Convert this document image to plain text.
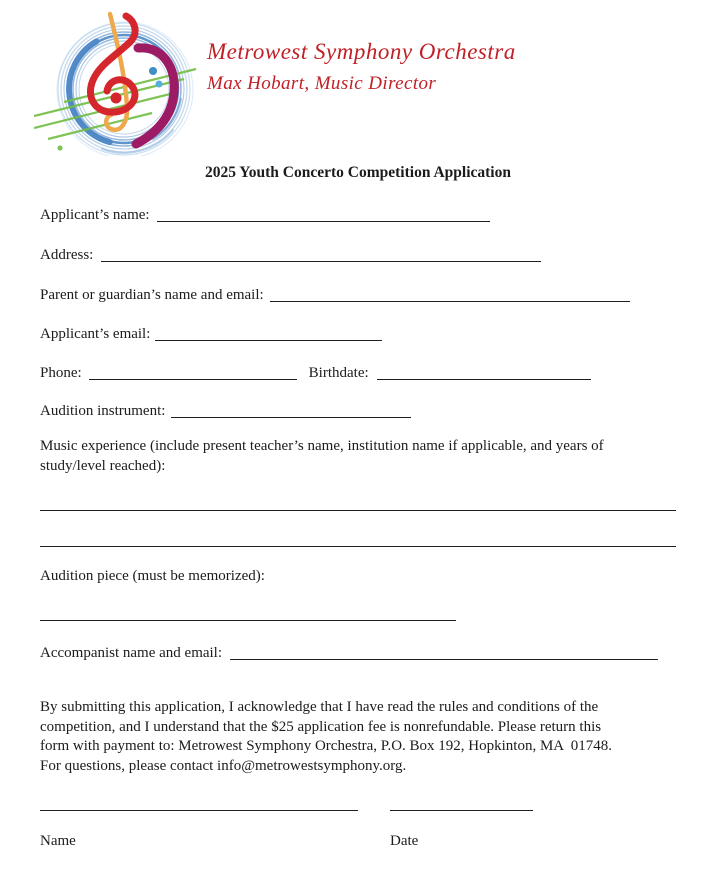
Metrowest Symphony Orchestra
Max Hobart, Music Director
2025 Youth Concerto Competition Application
Applicant’s name:
Address:
Parent or guardian’s name and email:
Applicant’s email:
Phone:	Birthdate:
Audition instrument:
Music experience (include present teacher’s name, institution name if applicable, and years of
study/level reached):
Audition piece (must be memorized):
Accompanist name and email:
By submitting this application, I acknowledge that I have read the rules and conditions of the
competition, and I understand that the $25 application fee is nonrefundable. Please return this
form with payment to: Metrowest Symphony Orchestra, P.O. Box 192, Hopkinton, MA  01748.
For questions, please contact info@metrowestsymphony.org.
Name	Date
